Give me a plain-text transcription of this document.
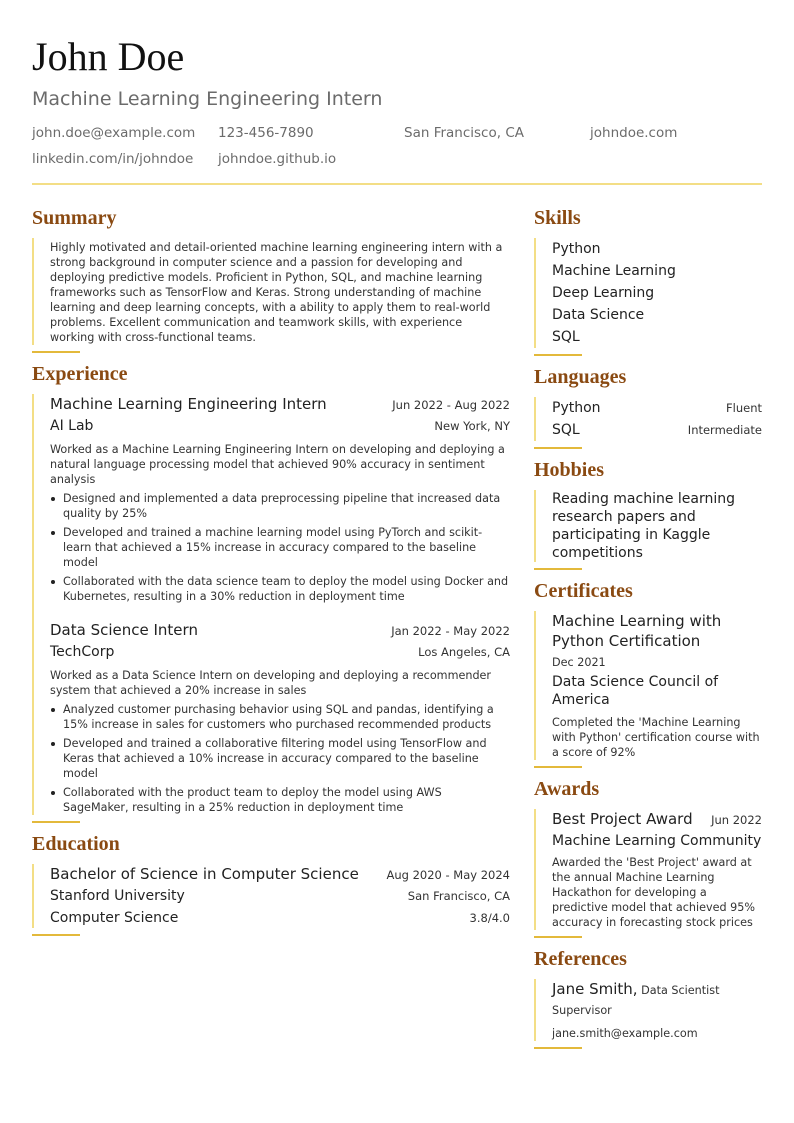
John Doe
Machine Learning Engineering Intern
john.doe@example.com	123-456-7890	San Francisco, CA	johndoe.com
linkedin.com/in/johndoe	johndoe.github.io
Summary
Highly motivated and detail-oriented machine learning engineering intern with a strong background in computer science and a passion for developing and deploying predictive models. Proficient in Python, SQL, and machine learning frameworks such as TensorFlow and Keras. Strong understanding of machine learning and deep learning concepts, with a ability to apply them to real-world problems. Excellent communication and teamwork skills, with experience working with cross-functional teams.
Experience
Machine Learning Engineering Intern	Jun 2022 - Aug 2022
AI Lab	New York, NY
Worked as a Machine Learning Engineering Intern on developing and deploying a natural language processing model that achieved 90% accuracy in sentiment analysis
Designed and implemented a data preprocessing pipeline that increased data quality by 25%
Developed and trained a machine learning model using PyTorch and scikit-learn that achieved a 15% increase in accuracy compared to the baseline model
Collaborated with the data science team to deploy the model using Docker and Kubernetes, resulting in a 30% reduction in deployment time
Data Science Intern	Jan 2022 - May 2022
TechCorp	Los Angeles, CA
Worked as a Data Science Intern on developing and deploying a recommender system that achieved a 20% increase in sales
Analyzed customer purchasing behavior using SQL and pandas, identifying a 15% increase in sales for customers who purchased recommended products
Developed and trained a collaborative filtering model using TensorFlow and Keras that achieved a 10% increase in accuracy compared to the baseline model
Collaborated with the product team to deploy the model using AWS SageMaker, resulting in a 25% reduction in deployment time
Education
Bachelor of Science in Computer Science Aug 2020 - May 2024
Stanford University	San Francisco, CA
Computer Science	3.8/4.0
Skills
Python
Machine Learning
Deep Learning
Data Science
SQL
Languages
Python	Fluent
SQL	Intermediate
Hobbies
Reading machine learning research papers and participating in Kaggle competitions
Certificates
Machine Learning with Python Certification
Dec 2021
Data Science Council of America
Completed the 'Machine Learning with Python' certification course with a score of 92%
Awards
Best Project Award Jun 2022
Machine Learning Community
Awarded the 'Best Project' award at the annual Machine Learning Hackathon for developing a predictive model that achieved 95% accuracy in forecasting stock prices
References
Jane Smith, Data Scientist Supervisor
jane.smith@example.com
